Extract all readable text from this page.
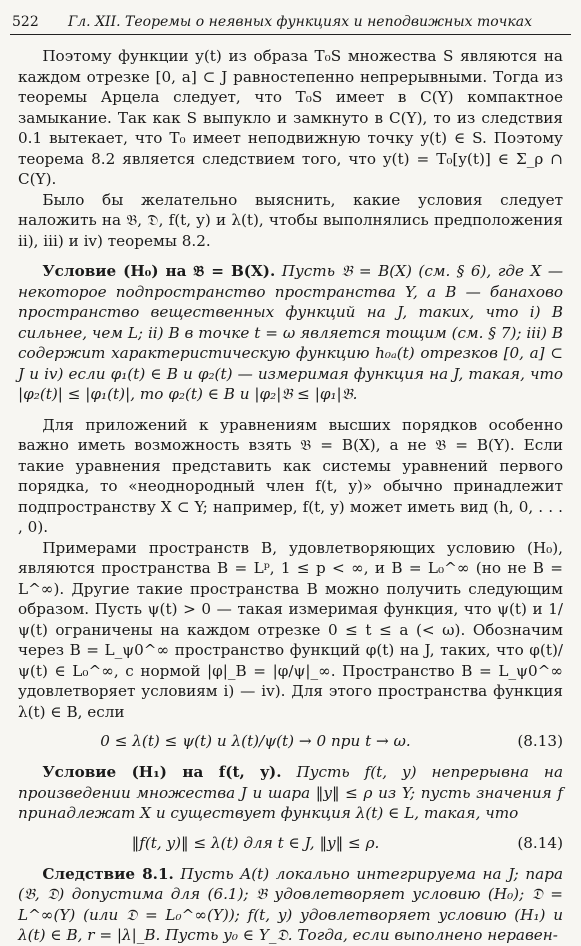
522 Гл. XII. Теоремы о неявных функциях и неподвижных точках

Поэтому функции y(t) из образа T₀S множества S являются на каждом отрезке [0, a] ⊂ J равностепенно непрерывными. Тогда из теоремы Арцела следует, что T₀S имеет в C(Y) компактное замыкание. Так как S выпукло и замкнуто в C(Y), то из следствия 0.1 вытекает, что T₀ имеет неподвижную точку y(t) ∈ S. Поэтому теорема 8.2 является следствием того, что y(t) = T₀[y(t)] ∈ Σ_ρ ∩ C(Y).

Было бы желательно выяснить, какие условия следует наложить на 𝔅, 𝔇, f(t, y) и λ(t), чтобы выполнялись предположения ii), iii) и iv) теоремы 8.2.

Условие (H₀) на 𝔅 = B(X). Пусть 𝔅 = B(X) (см. § 6), где X — некоторое подпространство пространства Y, а B — банахово пространство вещественных функций на J, таких, что i) B сильнее, чем L; ii) B в точке t = ω является тощим (см. § 7); iii) B содержит характеристическую функцию h₀ₐ(t) отрезков [0, a] ⊂ J и iv) если φ₁(t) ∈ B и φ₂(t) — измеримая функция на J, такая, что |φ₂(t)| ≤ |φ₁(t)|, то φ₂(t) ∈ B и |φ₂|𝔅 ≤ |φ₁|𝔅.

Для приложений к уравнениям высших порядков особенно важно иметь возможность взять 𝔅 = B(X), а не 𝔅 = B(Y). Если такие уравнения представить как системы уравнений первого порядка, то «неоднородный член f(t, y)» обычно принадлежит подпространству X ⊂ Y; например, f(t, y) может иметь вид (h, 0, . . . , 0).

Примерами пространств B, удовлетворяющих условию (H₀), являются пространства B = Lᵖ, 1 ≤ p < ∞, и B = L₀^∞ (но не B = L^∞). Другие такие пространства B можно получить следующим образом. Пусть ψ(t) > 0 — такая измеримая функция, что ψ(t) и 1/ψ(t) ограничены на каждом отрезке 0 ≤ t ≤ a (< ω). Обозначим через B = L_ψ0^∞ пространство функций φ(t) на J, таких, что φ(t)/ψ(t) ∈ L₀^∞, с нормой |φ|_B = |φ/ψ|_∞. Пространство B = L_ψ0^∞ удовлетворяет условиям i) — iv). Для этого пространства функция λ(t) ∈ B, если

0 ≤ λ(t) ≤ ψ(t) и λ(t)/ψ(t) → 0 при t → ω.	(8.13)

Условие (H₁) на f(t, y). Пусть f(t, y) непрерывна на произведении множества J и шара ‖y‖ ≤ ρ из Y; пусть значения f принадлежат X и существует функция λ(t) ∈ L, такая, что

‖f(t, y)‖ ≤ λ(t) для t ∈ J, ‖y‖ ≤ ρ.	(8.14)

Следствие 8.1. Пусть A(t) локально интегрируема на J; пара (𝔅, 𝔇) допустима для (6.1); 𝔅 удовлетворяет условию (H₀); 𝔇 = L^∞(Y) (или 𝔇 = L₀^∞(Y)); f(t, y) удовлетворяет условию (H₁) и λ(t) ∈ B, r = |λ|_B. Пусть y₀ ∈ Y_𝔇. Тогда, если выполнено неравен-
